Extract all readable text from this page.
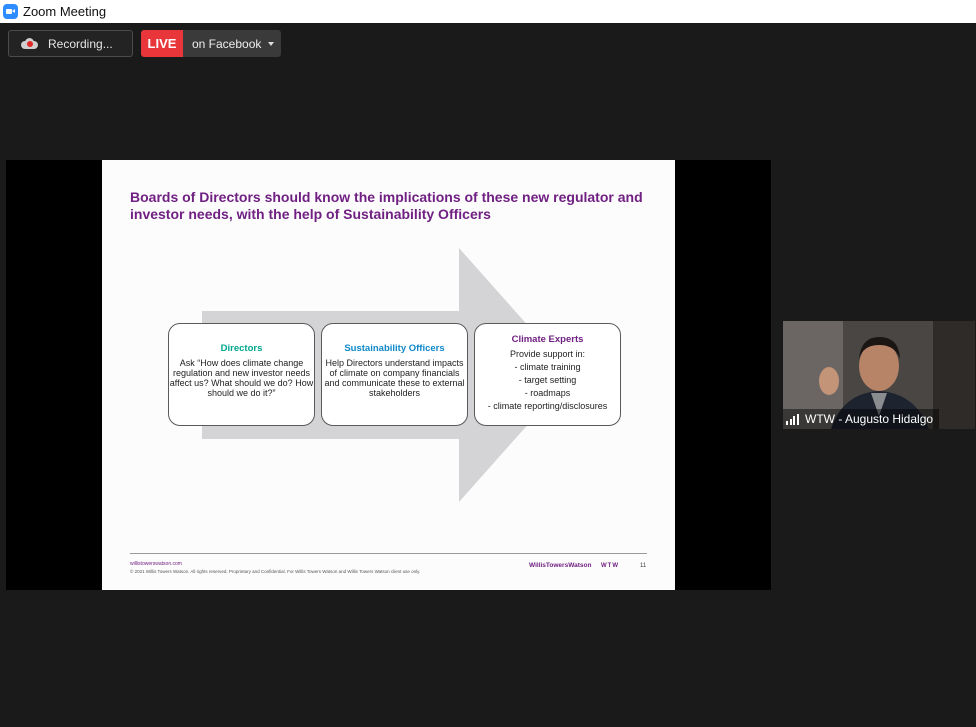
Zoom Meeting
Recording...	LIVE	on Facebook
Boards of Directors should know the implications of these new regulator and investor needs, with the help of Sustainability Officers
Directors
Ask “How does climate change regulation and new investor needs affect us? What should we do? How should we do it?”
Sustainability Officers
Help Directors understand impacts of climate on company financials and communicate these to external stakeholders
Climate Experts
Provide support in:
- climate training
- target setting
- roadmaps
- climate reporting/disclosures
willistowerswatson.com
© 2021 Willis Towers Watson. All rights reserved. Proprietary and Confidential. For Willis Towers Watson and Willis Towers Watson client use only.
WillisTowersWatson WTW	11
WTW - Augusto Hidalgo
